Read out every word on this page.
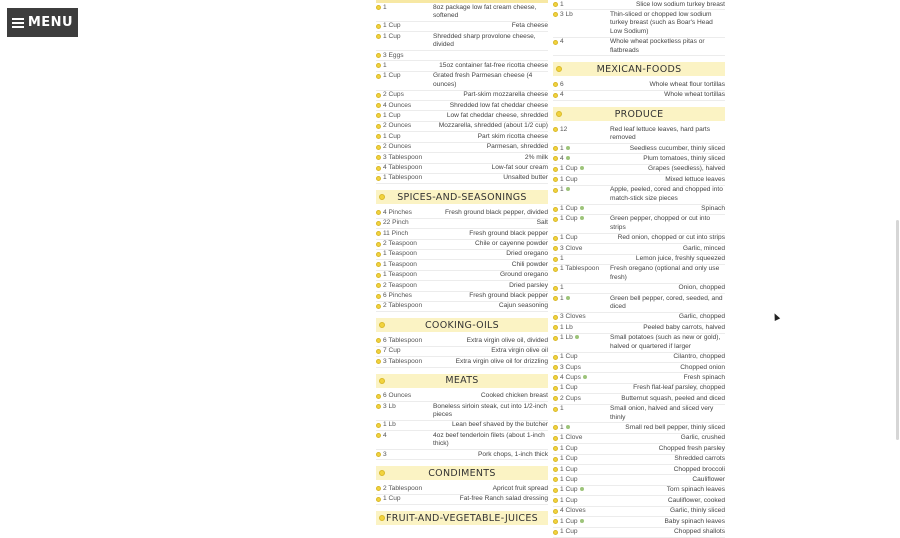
MENU
1	8oz package low fat cream cheese, softened
1 Cup	Feta cheese
1 Cup	Shredded sharp provolone cheese, divided
3 Eggs
1	15oz container fat-free ricotta cheese
1 Cup	Grated fresh Parmesan cheese (4 ounces)
2 Cups	Part-skim mozzarella cheese
4 Ounces	Shredded low fat cheddar cheese
1 Cup	Low fat cheddar cheese, shredded
2 Ounces	Mozzarella, shredded (about 1/2 cup)
1 Cup	Part skim ricotta cheese
2 Ounces	Parmesan, shredded
3 Tablespoon	2% milk
4 Tablespoon	Low-fat sour cream
1 Tablespoon	Unsalted butter
SPICES-AND-SEASONINGS
4 Pinches	Fresh ground black pepper, divided
22 Pinch	Salt
11 Pinch	Fresh ground black pepper
2 Teaspoon	Chile or cayenne powder
1 Teaspoon	Dried oregano
1 Teaspoon	Chili powder
1 Teaspoon	Ground oregano
2 Teaspoon	Dried parsley
6 Pinches	Fresh ground black pepper
2 Tablespoon	Cajun seasoning
COOKING-OILS
6 Tablespoon	Extra virgin olive oil, divided
7 Cup	Extra virgin olive oil
3 Tablespoon	Extra virgin olive oil for drizzling
MEATS
6 Ounces	Cooked chicken breast
3 Lb	Boneless sirloin steak, cut into 1/2-inch pieces
1 Lb	Lean beef shaved by the butcher
4	4oz beef tenderloin filets (about 1-inch thick)
3	Pork chops, 1-inch thick
CONDIMENTS
2 Tablespoon	Apricot fruit spread
1 Cup	Fat-free Ranch salad dressing
FRUIT-AND-VEGETABLE-JUICES
1	Slice low sodium turkey breast
3 Lb	Thin-sliced or chopped low sodium turkey breast (such as Boar's Head Low Sodium)
4	Whole wheat pocketless pitas or flatbreads
MEXICAN-FOODS
6	Whole wheat flour tortillas
4	Whole wheat tortillas
PRODUCE
12	Red leaf lettuce leaves, hard parts removed
1	Seedless cucumber, thinly sliced
4	Plum tomatoes, thinly sliced
1 Cup	Grapes (seedless), halved
1 Cup	Mixed lettuce leaves
1	Apple, peeled, cored and chopped into match-stick size pieces
1 Cup	Spinach
1 Cup	Green pepper, chopped or cut into strips
1 Cup	Red onion, chopped or cut into strips
3 Clove	Garlic, minced
1	Lemon juice, freshly squeezed
1 Tablespoon	Fresh oregano (optional and only use fresh)
1	Onion, chopped
1	Green bell pepper, cored, seeded, and diced
3 Cloves	Garlic, chopped
1 Lb	Peeled baby carrots, halved
1 Lb	Small potatoes (such as new or gold), halved or quartered if larger
1 Cup	Cilantro, chopped
3 Cups	Chopped onion
4 Cups	Fresh spinach
1 Cup	Fresh flat-leaf parsley, chopped
2 Cups	Butternut squash, peeled and diced
1	Small onion, halved and sliced very thinly
1	Small red bell pepper, thinly sliced
1 Clove	Garlic, crushed
1 Cup	Chopped fresh parsley
1 Cup	Shredded carrots
1 Cup	Chopped broccoli
1 Cup	Cauliflower
1 Cup	Torn spinach leaves
1 Cup	Cauliflower, cooked
4 Cloves	Garlic, thinly sliced
1 Cup	Baby spinach leaves
1 Cup	Chopped shallots
